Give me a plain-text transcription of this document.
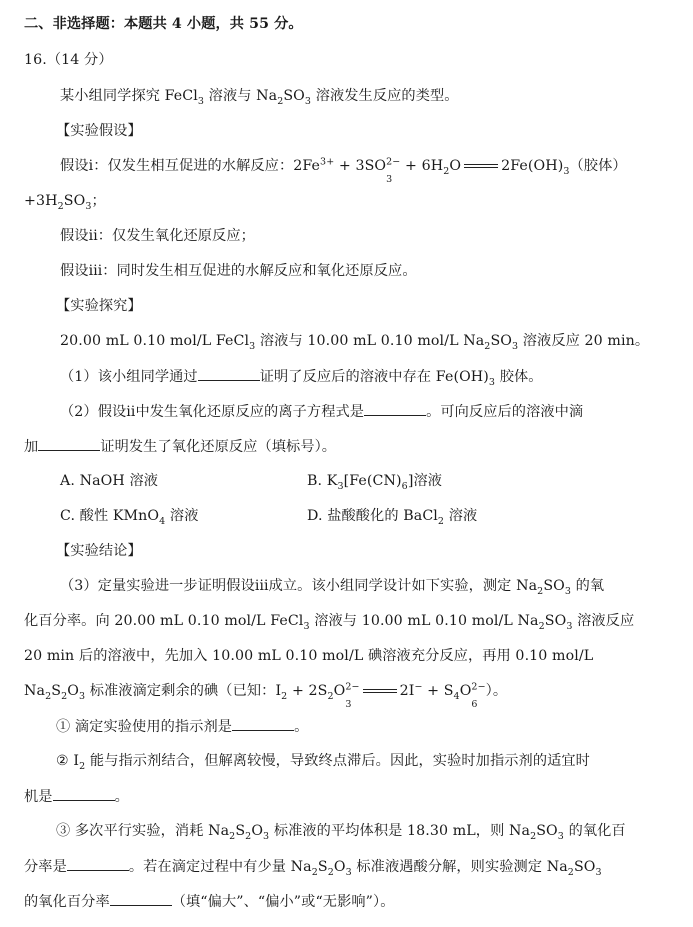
二、非选择题：本题共 4 小题，共 55 分。
16.（14 分）
某小组同学探究 FeCl$_3$ 溶液与 $Na_2SO_3$ 溶液发生反应的类型。
【实验假设】
假设ⅰ：仅发生相互促进的水解反应：$2Fe^{3+} + 3SO^{2-}$
3
+ $6H_2O$	$2Fe(OH)_3$（胶体）
$+3H_2SO_3$；
假设ⅱ：仅发生氧化还原反应；
假设ⅲ：同时发生相互促进的水解反应和氧化还原反应。
【实验探究】
20.00 mL 0.10 mol/L FeCl$_3$ 溶液与 10.00 mL 0.10 mol/L $Na_2SO_3$ 溶液反应 20 min。
（1）该小组同学通过	证明了反应后的溶液中存在 $Fe(OH)_3$ 胶体。
（2）假设ⅱ中发生氧化还原反应的离子方程式是	。可向反应后的溶液中滴
加	证明发生了氧化还原反应（填标号）。
A. NaOH 溶液	B. $K_3[Fe(CN)_6]$溶液
C. 酸性 KMnO$_4$ 溶液	D. 盐酸酸化的 BaCl$_2$ 溶液
【实验结论】
（3）定量实验进一步证明假设ⅲ成立。该小组同学设计如下实验，测定 $Na_2SO_3$ 的氧
化百分率。向 20.00 mL 0.10 mol/L FeCl$_3$ 溶液与 10.00 mL 0.10 mol/L $Na_2SO_3$ 溶液反应
20 min 后的溶液中，先加入 10.00 mL 0.10 mol/L 碘溶液充分反应，再用 0.10 mol/L
$Na_2S_2O_3$ 标准液滴定剩余的碘（已知：$I_2 + 2S_2O^{2-}$
3
$2I^- + S_4O^{2-}$
6
）。
① 滴定实验使用的指示剂是	。
② $I_2$ 能与指示剂结合，但解离较慢，导致终点滞后。因此，实验时加指示剂的适宜时
机是	。
③ 多次平行实验，消耗 $Na_2S_2O_3$ 标准液的平均体积是 18.30 mL，则 $Na_2SO_3$ 的氧化百
分率是	。若在滴定过程中有少量 $Na_2S_2O_3$ 标准液遇酸分解，则实验测定 $Na_2SO_3$
的氧化百分率	（填“偏大”、“偏小”或“无影响”）。
